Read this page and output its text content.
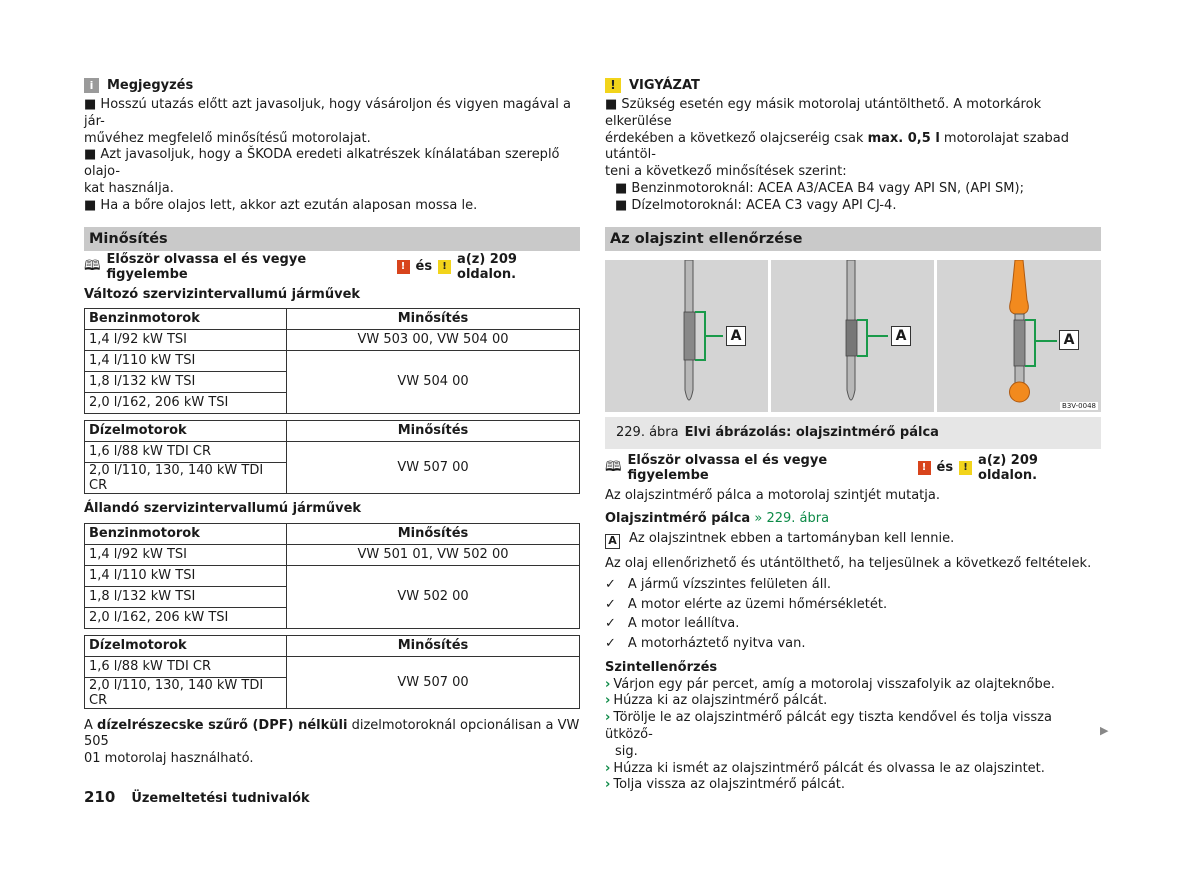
i	Megjegyzés
■ Hosszú utazás előtt azt javasoljuk, hogy vásároljon és vigyen magával a jár-
művéhez megfelelő minősítésű motorolajat.
■ Azt javasoljuk, hogy a ŠKODA eredeti alkatrészek kínálatában szereplő olajo-
kat használja.
■ Ha a bőre olajos lett, akkor azt ezután alaposan mossa le.
Minősítés
🕮 Először olvassa el és vegye figyelembe	! és	! a(z) 209 oldalon.
Változó szervizintervallumú járművek
Benzinmotorok	Minősítés
1,4 l/92 kW TSI	VW 503 00, VW 504 00
1,4 l/110 kW TSI	VW 504 00
1,8 l/132 kW TSI	
2,0 l/162, 206 kW TSI	
Dízelmotorok	Minősítés
1,6 l/88 kW TDI CR	VW 507 00
2,0 l/110, 130, 140 kW TDI CR	
Állandó szervizintervallumú járművek
Benzinmotorok	Minősítés
1,4 l/92 kW TSI	VW 501 01, VW 502 00
1,4 l/110 kW TSI	VW 502 00
1,8 l/132 kW TSI	
2,0 l/162, 206 kW TSI	
Dízelmotorok	Minősítés
1,6 l/88 kW TDI CR	VW 507 00
2,0 l/110, 130, 140 kW TDI CR	
A dízelrészecske szűrő (DPF) nélküli dizelmotoroknál opcionálisan a VW 505
01 motorolaj használható.
!	VIGYÁZAT
■ Szükség esetén egy másik motorolaj utántölthető. A motorkárok elkerülése
érdekében a következő olajcseréig csak max. 0,5 l motorolajat szabad utántöl-
teni a következő minősítések szerint:
■ Benzinmotoroknál: ACEA A3/ACEA B4 vagy API SN, (API SM);
■ Dízelmotoroknál: ACEA C3 vagy API CJ-4.
Az olajszint ellenőrzése
A	A	A
B3V-0048
229. ábra Elvi ábrázolás: olajszintmérő pálca
🕮 Először olvassa el és vegye figyelembe	! és	! a(z) 209 oldalon.
Az olajszintmérő pálca a motorolaj szintjét mutatja.
Olajszintmérő pálca » 229. ábra
A Az olajszintnek ebben a tartományban kell lennie.
Az olaj ellenőrizhető és utántölthető, ha teljesülnek a következő feltételek.
✓ A jármű vízszintes felületen áll.
✓ A motor elérte az üzemi hőmérsékletét.
✓ A motor leállítva.
✓ A motorháztető nyitva van.
Szintellenőrzés
› Várjon egy pár percet, amíg a motorolaj visszafolyik az olajteknőbe.
› Húzza ki az olajszintmérő pálcát.
› Törölje le az olajszintmérő pálcát egy tiszta kendővel és tolja vissza ütköző-
sig.
› Húzza ki ismét az olajszintmérő pálcát és olvassa le az olajszintet.
› Tolja vissza az olajszintmérő pálcát.
▶
210 Üzemeltetési tudnivalók
